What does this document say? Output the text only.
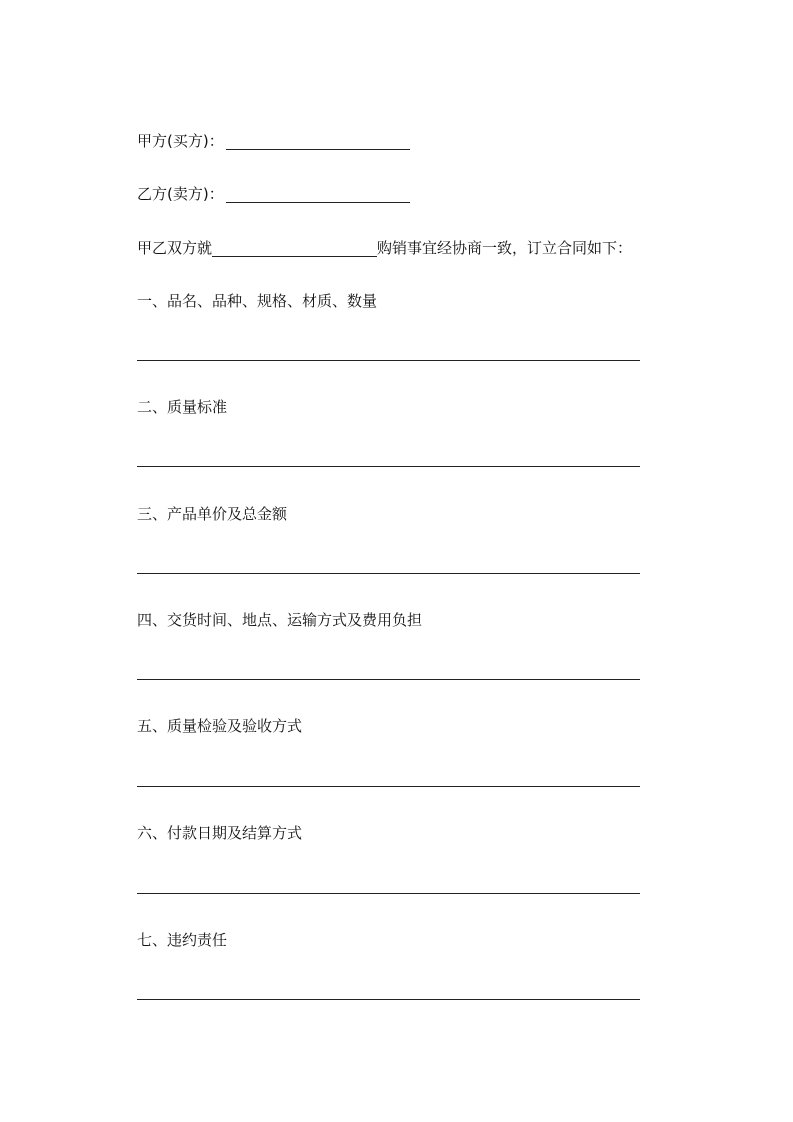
甲方(买方)：
乙方(卖方)：
甲乙双方就	购销事宜经协商一致，订立合同如下：
一、品名、品种、规格、材质、数量
二、质量标准
三、产品单价及总金额
四、交货时间、地点、运输方式及费用负担
五、质量检验及验收方式
六、付款日期及结算方式
七、违约责任
